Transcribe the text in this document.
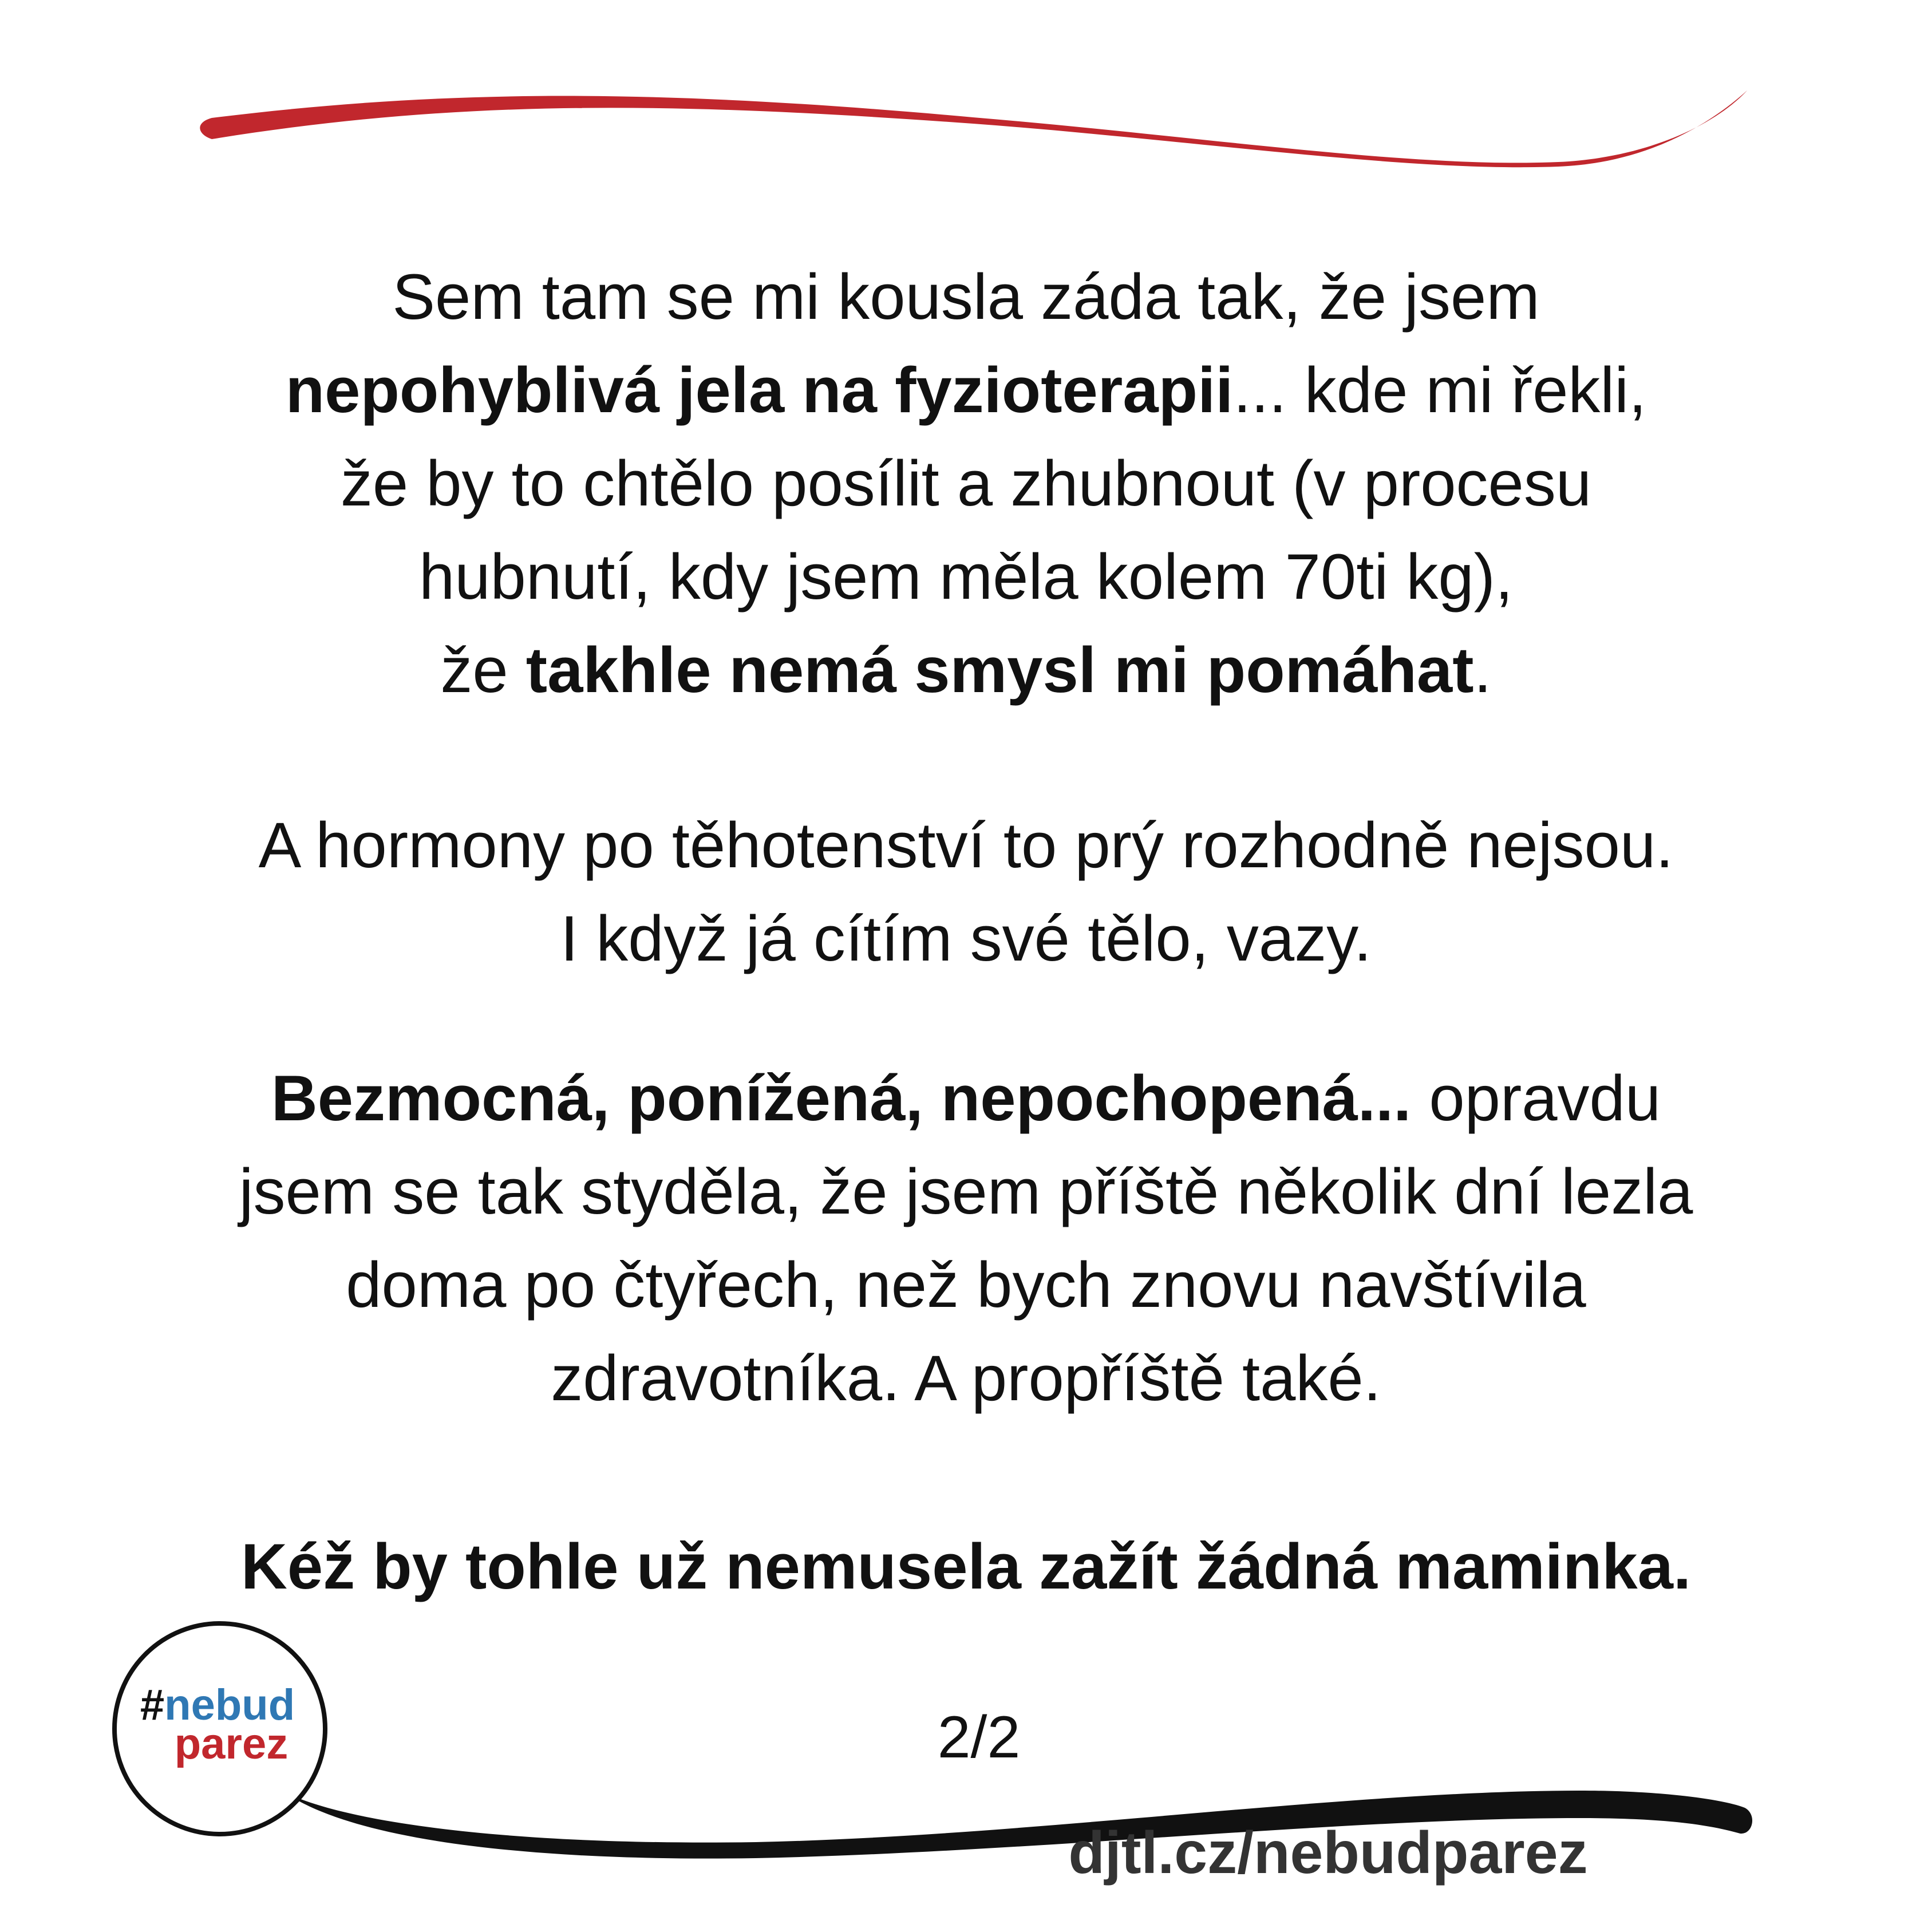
Sem tam se mi kousla záda tak, že jsem
nepohyblivá jela na fyzioterapii... kde mi řekli,
že by to chtělo posílit a zhubnout (v procesu
hubnutí, kdy jsem měla kolem 70ti kg),
že takhle nemá smysl mi pomáhat.
A hormony po těhotenství to prý rozhodně nejsou.
I když já cítím své tělo, vazy.
Bezmocná, ponížená, nepochopená... opravdu
jsem se tak styděla, že jsem příště několik dní lezla
doma po čtyřech, než bych znovu navštívila
zdravotníka. A propříště také.
Kéž by tohle už nemusela zažít žádná maminka.
#nebud
parez	2/2
djtl.cz/nebudparez
